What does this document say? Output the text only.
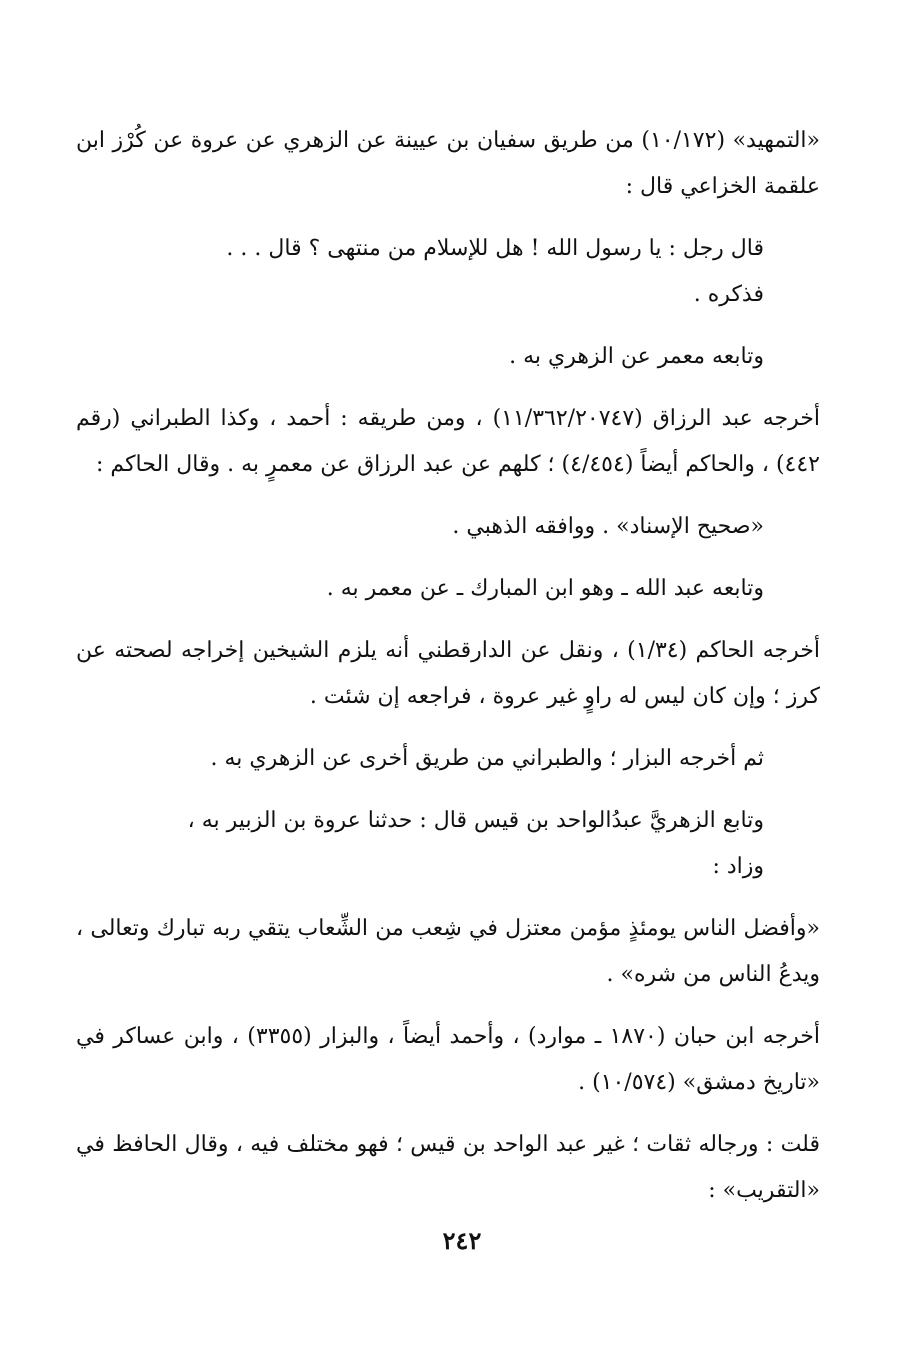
«التمهيد» (١٠/١٧٢) من طريق سفيان بن عيينة عن الزهري عن عروة عن كُرْز ابن علقمة الخزاعي قال :

قال رجل : يا رسول الله ! هل للإسلام من منتهى ؟ قال . . . فذكره .

وتابعه معمر عن الزهري به .

أخرجه عبد الرزاق (١١/٣٦٢/٢٠٧٤٧) ، ومن طريقه : أحمد ، وكذا الطبراني (رقم ٤٤٢) ، والحاكم أيضاً (٤/٤٥٤) ؛ كلهم عن عبد الرزاق عن معمرٍ به . وقال الحاكم :

«صحيح الإسناد» . ووافقه الذهبي .

وتابعه عبد الله ـ وهو ابن المبارك ـ عن معمر به .

أخرجه الحاكم (١/٣٤) ، ونقل عن الدارقطني أنه يلزم الشيخين إخراجه لصحته عن كرز ؛ وإن كان ليس له راوٍ غير عروة ، فراجعه إن شئت .

ثم أخرجه البزار ؛ والطبراني من طريق أخرى عن الزهري به .

وتابع الزهريَّ عبدُالواحد بن قيس قال : حدثنا عروة بن الزبير به ، وزاد :

«وأفضل الناس يومئذٍ مؤمن معتزل في شِعب من الشِّعاب يتقي ربه تبارك وتعالى ، ويدعُ الناس من شره» .

أخرجه ابن حبان (١٨٧٠ ـ موارد) ، وأحمد أيضاً ، والبزار (٣٣٥٥) ، وابن عساكر في «تاريخ دمشق» (١٠/٥٧٤) .

قلت : ورجاله ثقات ؛ غير عبد الواحد بن قيس ؛ فهو مختلف فيه ، وقال الحافظ في «التقريب» :

٢٤٢
